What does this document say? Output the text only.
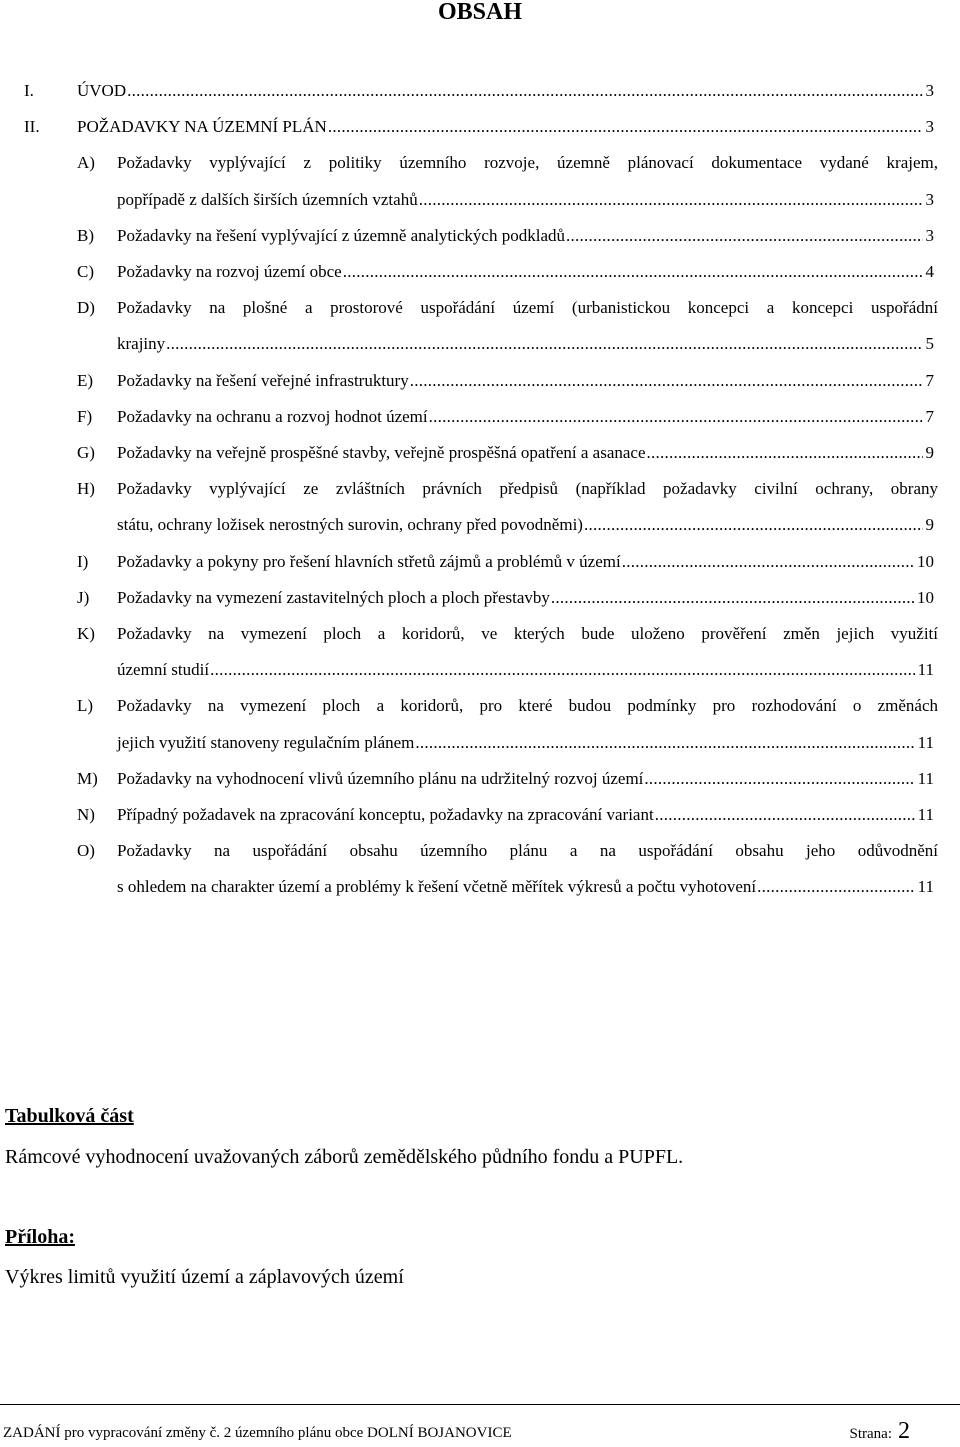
OBSAH
I.	ÚVOD . . .	3
II. POŽADAVKY NA ÚZEMNÍ PLÁN . . .	3
A) Požadavky vyplývající z politiky územního rozvoje, územně plánovací dokumentace vydané krajem,
popřípadě z dalších širších územních vztahů . . .	3
B) Požadavky na řešení vyplývající z územně analytických podkladů . . .	3
C) Požadavky na rozvoj území obce . . .	4
D) Požadavky na plošné a prostorové uspořádání území (urbanistickou koncepci a koncepci uspořádní
krajiny . . .	5
E) Požadavky na řešení veřejné infrastruktury . . .	7
F) Požadavky na ochranu a rozvoj hodnot území . . .	7
G) Požadavky na veřejně prospěšné stavby, veřejně prospěšná opatření a asanace . . .	9
H) Požadavky vyplývající ze zvláštních právních předpisů (například požadavky civilní ochrany, obrany
státu, ochrany ložisek nerostných surovin, ochrany před povodněmi) . . .	9
I) Požadavky a pokyny pro řešení hlavních střetů zájmů a problémů v území . . .	10
J) Požadavky na vymezení zastavitelných ploch a ploch přestavby . . .	10
K) Požadavky na vymezení ploch a koridorů, ve kterých bude uloženo prověření změn jejich využití
územní studií . . .	11
L) Požadavky na vymezení ploch a koridorů, pro které budou podmínky pro rozhodování o změnách
jejich využití stanoveny regulačním plánem . . .	11
M) Požadavky na vyhodnocení vlivů územního plánu na udržitelný rozvoj území . . .	11
N) Případný požadavek na zpracování konceptu, požadavky na zpracování variant . . .	11
O) Požadavky na uspořádání obsahu územního plánu a na uspořádání obsahu jeho odůvodnění
s ohledem na charakter území a problémy k řešení včetně měřítek výkresů a počtu vyhotovení . . .	11
Tabulková část
Rámcové vyhodnocení uvažovaných záborů zemědělského půdního fondu a PUPFL.
Příloha:
Výkres limitů využití území a záplavových území
ZADÁNÍ pro vypracování změny č. 2 územního plánu obce DOLNÍ BOJANOVICE	Strana: 2
